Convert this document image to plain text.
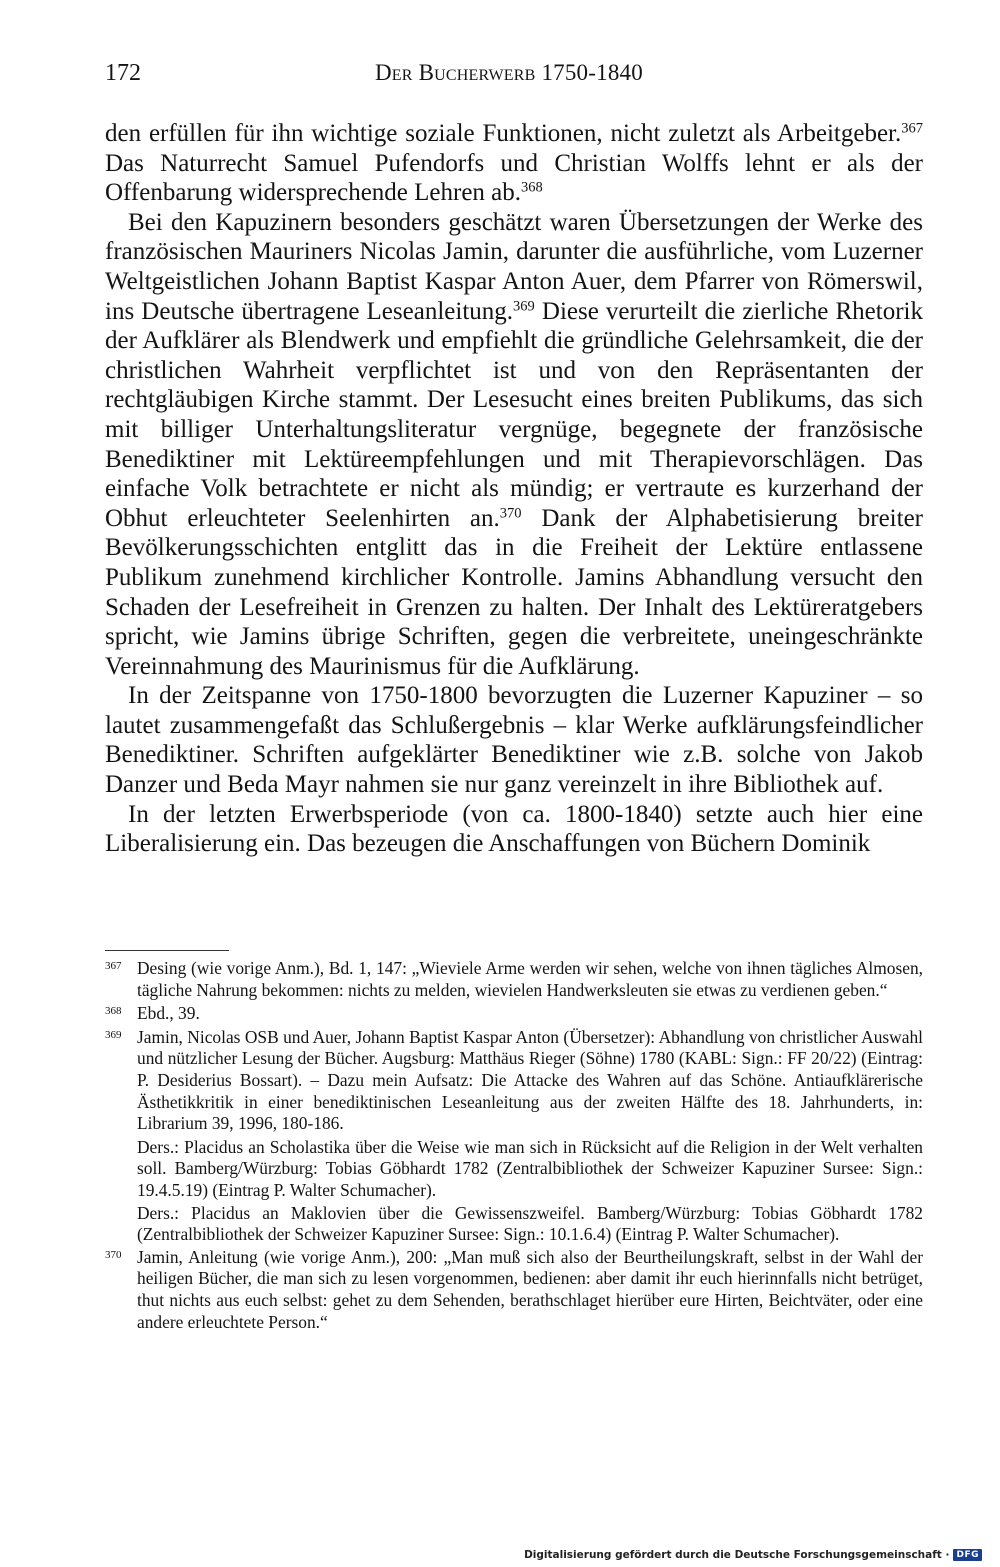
172	Der Bucherwerb 1750-1840

den erfüllen für ihn wichtige soziale Funktionen, nicht zuletzt als Arbeitgeber.$^{367}$ Das Naturrecht Samuel Pufendorfs und Christian Wolffs lehnt er als der Offenbarung widersprechende Lehren ab.$^{368}$

Bei den Kapuzinern besonders geschätzt waren Übersetzungen der Werke des französischen Mauriners Nicolas Jamin, darunter die ausführliche, vom Luzerner Weltgeistlichen Johann Baptist Kaspar Anton Auer, dem Pfarrer von Römerswil, ins Deutsche übertragene Leseanleitung.$^{369}$ Diese verurteilt die zierliche Rhetorik der Aufklärer als Blendwerk und empfiehlt die gründliche Gelehrsamkeit, die der christlichen Wahrheit verpflichtet ist und von den Repräsentanten der rechtgläubigen Kirche stammt. Der Lesesucht eines breiten Publikums, das sich mit billiger Unterhaltungsliteratur vergnüge, begegnete der französische Benediktiner mit Lektüreempfehlungen und mit Therapievorschlägen. Das einfache Volk betrachtete er nicht als mündig; er vertraute es kurzerhand der Obhut erleuchteter Seelenhirten an.$^{370}$ Dank der Alphabetisierung breiter Bevölkerungsschichten entglitt das in die Freiheit der Lektüre entlassene Publikum zunehmend kirchlicher Kontrolle. Jamins Abhandlung versucht den Schaden der Lesefreiheit in Grenzen zu halten. Der Inhalt des Lektüreratgebers spricht, wie Jamins übrige Schriften, gegen die verbreitete, uneingeschränkte Vereinnahmung des Maurinismus für die Aufklärung.

In der Zeitspanne von 1750-1800 bevorzugten die Luzerner Kapuziner – so lautet zusammengefaßt das Schlußergebnis – klar Werke aufklärungsfeindlicher Benediktiner. Schriften aufgeklärter Benediktiner wie z.B. solche von Jakob Danzer und Beda Mayr nahmen sie nur ganz vereinzelt in ihre Bibliothek auf.

In der letzten Erwerbsperiode (von ca. 1800-1840) setzte auch hier eine Liberalisierung ein. Das bezeugen die Anschaffungen von Büchern Dominik

367 Desing (wie vorige Anm.), Bd. 1, 147: „Wieviele Arme werden wir sehen, welche von ihnen tägliches Almosen, tägliche Nahrung bekommen: nichts zu melden, wievielen Handwerksleuten sie etwas zu verdienen geben.“
368 Ebd., 39.
369 Jamin, Nicolas OSB und Auer, Johann Baptist Kaspar Anton (Übersetzer): Abhandlung von christlicher Auswahl und nützlicher Lesung der Bücher. Augsburg: Matthäus Rieger (Söhne) 1780 (KABL: Sign.: FF 20/22) (Eintrag: P. Desiderius Bossart). – Dazu mein Aufsatz: Die Attacke des Wahren auf das Schöne. Antiaufklärerische Ästhetikkritik in einer benediktinischen Leseanleitung aus der zweiten Hälfte des 18. Jahrhunderts, in: Librarium 39, 1996, 180-186.
Ders.: Placidus an Scholastika über die Weise wie man sich in Rücksicht auf die Religion in der Welt verhalten soll. Bamberg/Würzburg: Tobias Göbhardt 1782 (Zentralbibliothek der Schweizer Kapuziner Sursee: Sign.: 19.4.5.19) (Eintrag P. Walter Schumacher).
Ders.: Placidus an Maklovien über die Gewissenszweifel. Bamberg/Würzburg: Tobias Göbhardt 1782 (Zentralbibliothek der Schweizer Kapuziner Sursee: Sign.: 10.1.6.4) (Eintrag P. Walter Schumacher).
370 Jamin, Anleitung (wie vorige Anm.), 200: „Man muß sich also der Beurtheilungskraft, selbst in der Wahl der heiligen Bücher, die man sich zu lesen vorgenommen, bedienen: aber damit ihr euch hierinnfalls nicht betrüget, thut nichts aus euch selbst: gehet zu dem Sehenden, berathschlaget hierüber eure Hirten, Beichtväter, oder eine andere erleuchtete Person.“
Digitalisierung gefördert durch die Deutsche Forschungsgemeinschaft · DFG
